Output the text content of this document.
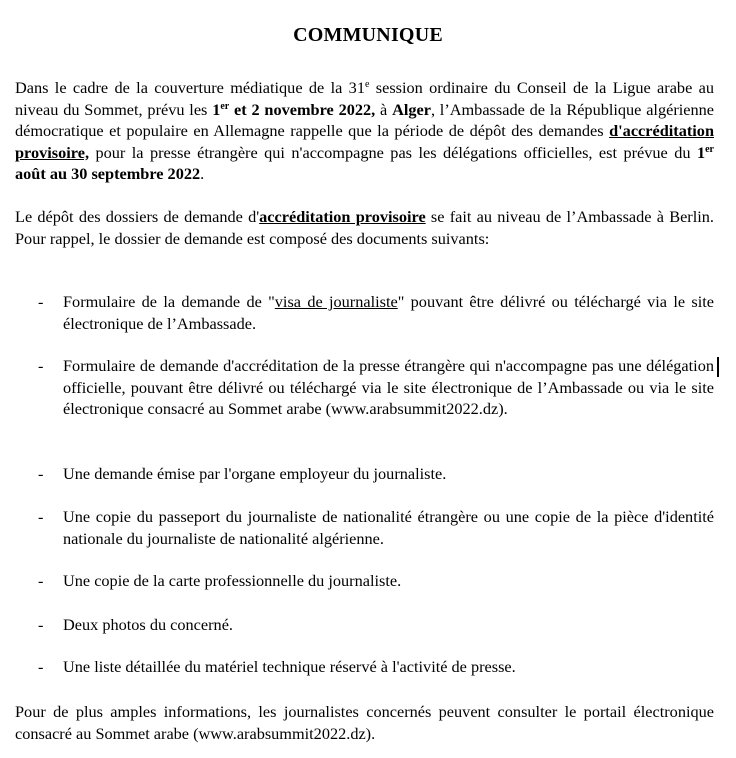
COMMUNIQUE

Dans le cadre de la couverture médiatique de la 31e session ordinaire du Conseil de la Ligue arabe au niveau du Sommet, prévu les 1er et 2 novembre 2022, à Alger, l’Ambassade de la République algérienne démocratique et populaire en Allemagne rappelle que la période de dépôt des demandes d'accréditation provisoire, pour la presse étrangère qui n'accompagne pas les délégations officielles, est prévue du 1er août au 30 septembre 2022.

Le dépôt des dossiers de demande d'accréditation provisoire se fait au niveau de l’Ambassade à Berlin. Pour rappel, le dossier de demande est composé des documents suivants:

- Formulaire de la demande de "visa de journaliste" pouvant être délivré ou téléchargé via le site électronique de l’Ambassade.
- Formulaire de demande d'accréditation de la presse étrangère qui n'accompagne pas une délégation officielle, pouvant être délivré ou téléchargé via le site électronique de l’Ambassade ou via le site électronique consacré au Sommet arabe (www.arabsummit2022.dz).
- Une demande émise par l'organe employeur du journaliste.
- Une copie du passeport du journaliste de nationalité étrangère ou une copie de la pièce d'identité nationale du journaliste de nationalité algérienne.
- Une copie de la carte professionnelle du journaliste.
- Deux photos du concerné.
- Une liste détaillée du matériel technique réservé à l'activité de presse.

Pour de plus amples informations, les journalistes concernés peuvent consulter le portail électronique consacré au Sommet arabe (www.arabsummit2022.dz).
